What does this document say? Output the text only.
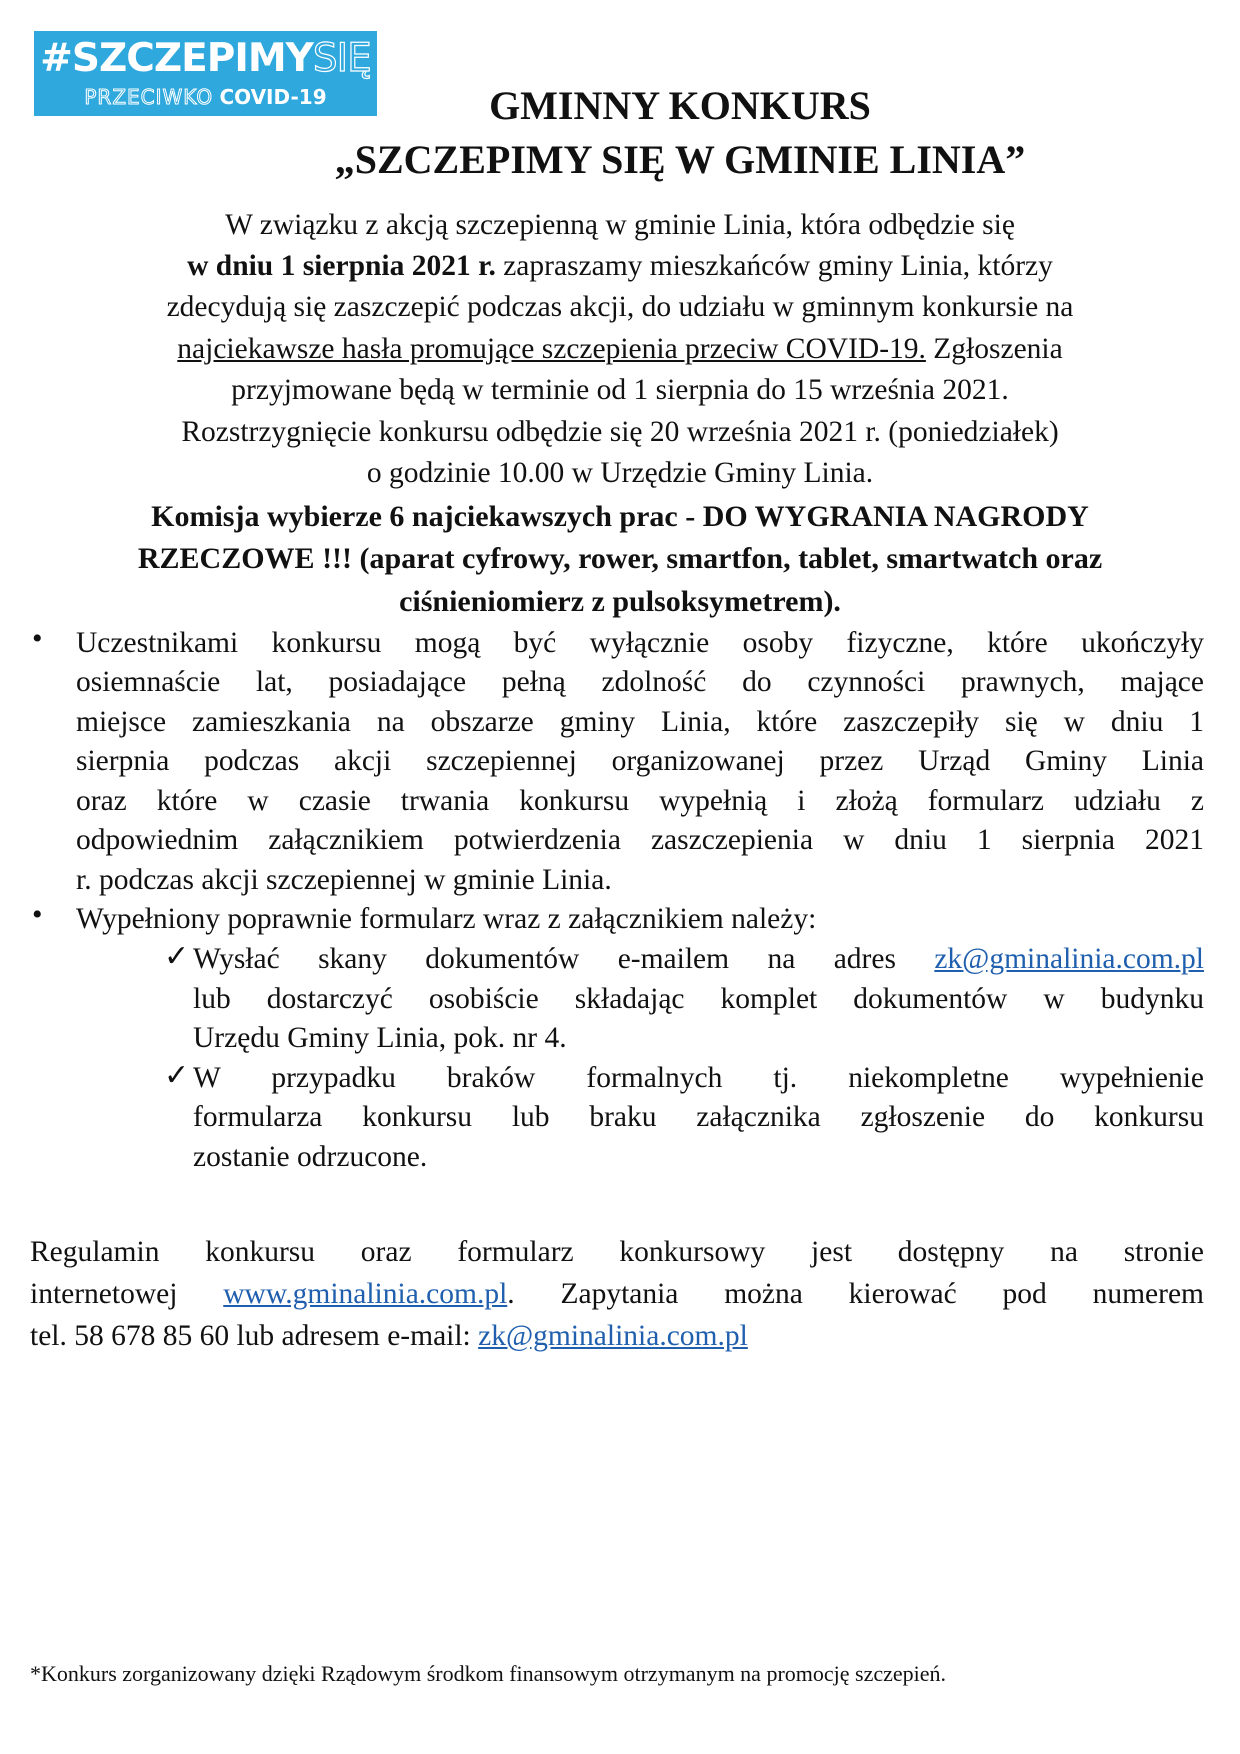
#SZCZEPIMYSIĘ
PRZECIWKO COVID-19	GMINNY KONKURS
„SZCZEPIMY SIĘ W GMINIE LINIA”
W związku z akcją szczepienną w gminie Linia, która odbędzie się
w dniu 1 sierpnia 2021 r. zapraszamy mieszkańców gminy Linia, którzy
zdecydują się zaszczepić podczas akcji, do udziału w gminnym konkursie na
najciekawsze hasła promujące szczepienia przeciw COVID-19. Zgłoszenia
przyjmowane będą w terminie od 1 sierpnia do 15 września 2021.
Rozstrzygnięcie konkursu odbędzie się 20 września 2021 r. (poniedziałek)
o godzinie 10.00 w Urzędzie Gminy Linia.
Komisja wybierze 6 najciekawszych prac - DO WYGRANIA NAGRODY
RZECZOWE !!! (aparat cyfrowy, rower, smartfon, tablet, smartwatch oraz
ciśnieniomierz z pulsoksymetrem).
• Uczestnikami konkursu mogą być wyłącznie osoby fizyczne, które ukończyły
osiemnaście lat, posiadające pełną zdolność do czynności prawnych, mające
miejsce zamieszkania na obszarze gminy Linia, które zaszczepiły się w dniu 1
sierpnia podczas akcji szczepiennej organizowanej przez Urząd Gminy Linia
oraz które w czasie trwania konkursu wypełnią i złożą formularz udziału z
odpowiednim załącznikiem potwierdzenia zaszczepienia w dniu 1 sierpnia 2021
r. podczas akcji szczepiennej w gminie Linia.
• Wypełniony poprawnie formularz wraz z załącznikiem należy:
✓ Wysłać skany dokumentów e-mailem na adres zk@gminalinia.com.pl
lub dostarczyć osobiście składając komplet dokumentów w budynku
Urzędu Gminy Linia, pok. nr 4.
✓ W przypadku braków formalnych tj. niekompletne wypełnienie
formularza konkursu lub braku załącznika zgłoszenie do konkursu
zostanie odrzucone.
Regulamin konkursu oraz formularz konkursowy jest dostępny na stronie
internetowej www.gminalinia.com.pl. Zapytania można kierować pod numerem
tel. 58 678 85 60 lub adresem e-mail: zk@gminalinia.com.pl
*Konkurs zorganizowany dzięki Rządowym środkom finansowym otrzymanym na promocję szczepień.
